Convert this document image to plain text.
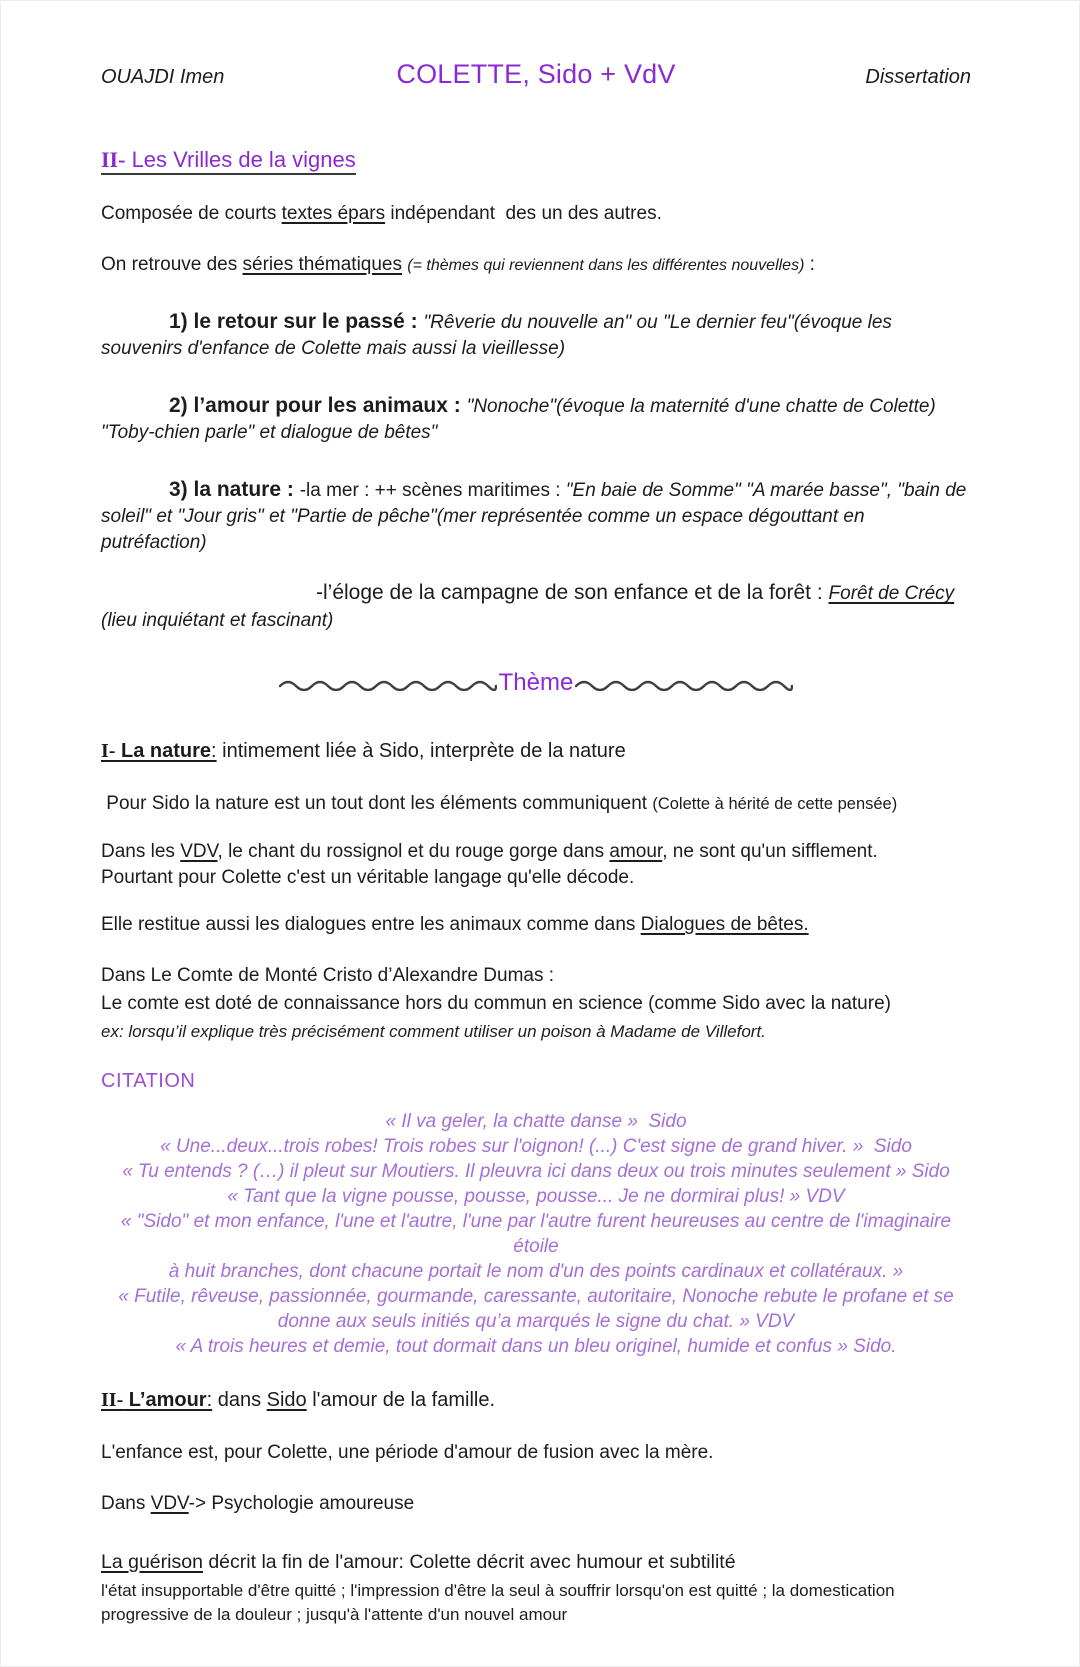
OUAJDI Imen	COLETTE, Sido + VdV	Dissertation

II- Les Vrilles de la vignes

Composée de courts textes épars indépendant  des un des autres.

On retrouve des séries thématiques (= thèmes qui reviennent dans les différentes nouvelles) :

1) le retour sur le passé : "Rêverie du nouvelle an" ou "Le dernier feu"(évoque les
souvenirs d'enfance de Colette mais aussi la vieillesse)

2) l’amour pour les animaux : "Nonoche"(évoque la maternité d'une chatte de Colette)
"Toby-chien parle" et dialogue de bêtes"

3) la nature : -la mer : ++ scènes maritimes : "En baie de Somme" "A marée basse", "bain de
soleil" et "Jour gris" et "Partie de pêche"(mer représentée comme un espace dégouttant en putréfaction)

-l’éloge de la campagne de son enfance et de la forêt : Forêt de Crécy
(lieu inquiétant et fascinant)

Thème

I- La nature: intimement liée à Sido, interprète de la nature

Pour Sido la nature est un tout dont les éléments communiquent (Colette à hérité de cette pensée)

Dans les VDV, le chant du rossignol et du rouge gorge dans amour, ne sont qu'un sifflement.
Pourtant pour Colette c'est un véritable langage qu'elle décode.

Elle restitue aussi les dialogues entre les animaux comme dans Dialogues de bêtes.

Dans Le Comte de Monté Cristo d’Alexandre Dumas :
Le comte est doté de connaissance hors du commun en science (comme Sido avec la nature)
ex: lorsqu’il explique très précisément comment utiliser un poison à Madame de Villefort.

CITATION

« Il va geler, la chatte danse »  Sido
« Une...deux...trois robes! Trois robes sur l'oignon! (...) C'est signe de grand hiver. »  Sido
« Tu entends ? (…) il pleut sur Moutiers. Il pleuvra ici dans deux ou trois minutes seulement » Sido
« Tant que la vigne pousse, pousse, pousse... Je ne dormirai plus! » VDV
« "Sido" et mon enfance, l'une et l'autre, l'une par l'autre furent heureuses au centre de l'imaginaire étoile
à huit branches, dont chacune portait le nom d'un des points cardinaux et collatéraux. »
« Futile, rêveuse, passionnée, gourmande, caressante, autoritaire, Nonoche rebute le profane et se
donne aux seuls initiés qu’a marqués le signe du chat. » VDV
« A trois heures et demie, tout dormait dans un bleu originel, humide et confus » Sido.

II- L’amour: dans Sido l'amour de la famille.

L'enfance est, pour Colette, une période d'amour de fusion avec la mère.

Dans VDV-> Psychologie amoureuse

La guérison décrit la fin de l'amour: Colette décrit avec humour et subtilité

l'état insupportable d'être quitté ; l'impression d'être la seul à souffrir lorsqu'on est quitté ; la domestication
progressive de la douleur ; jusqu'à l'attente d'un nouvel amour
